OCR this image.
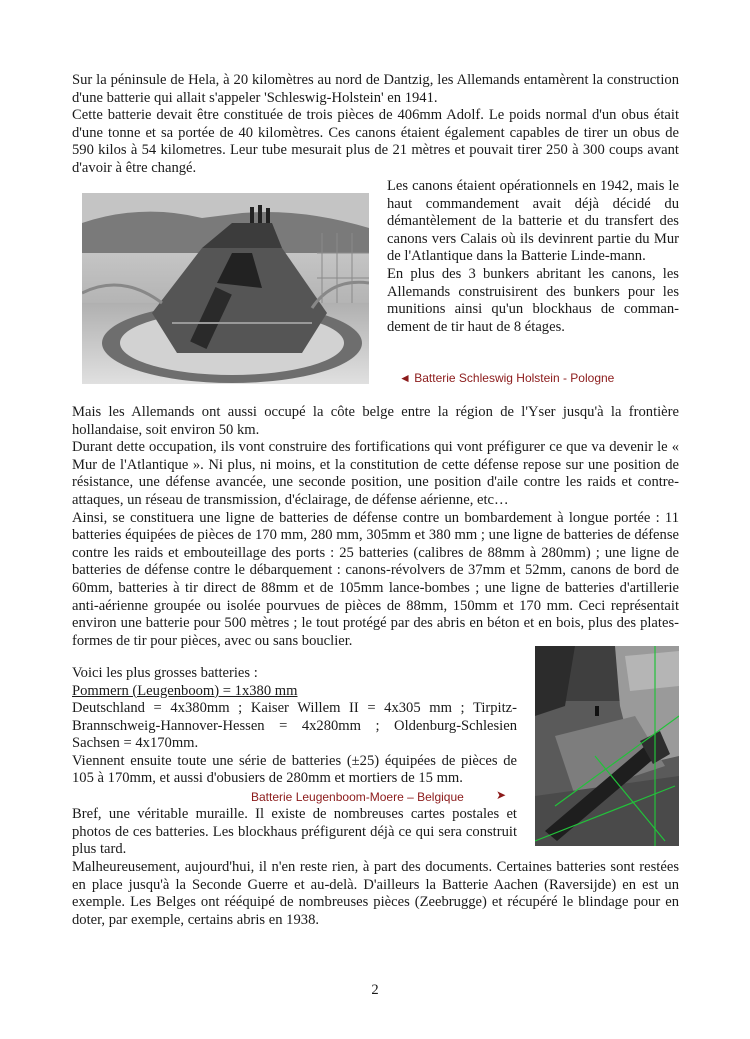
Sur la péninsule de Hela, à 20 kilomètres au nord de Dantzig, les Allemands entamèrent la construction d'une batterie qui allait s'appeler 'Schleswig-Holstein' en 1941.

Cette batterie devait être constituée de trois pièces de 406mm Adolf. Le poids normal d'un obus était d'une tonne et sa portée de 40 kilomètres. Ces canons étaient également capables de tirer un obus de 590 kilos à 54 kilometres. Leur tube mesurait plus de 21 mètres et pouvait tirer 250 à 300 coups avant d'avoir à être changé.

Les canons étaient opérationnels en 1942, mais le haut commandement avait déjà décidé du démantèlement de la batterie et du transfert des canons vers Calais où ils devinrent partie du Mur de l'Atlantique dans la Batterie Linde-mann.

En plus des 3 bunkers abritant les canons, les Allemands construisirent des bunkers pour les munitions ainsi qu'un blockhaus de comman-dement de tir haut de 8 étages.

◄ Batterie Schleswig Holstein - Pologne

Mais les Allemands ont aussi occupé la côte belge entre la région de l'Yser jusqu'à la frontière hollandaise, soit environ 50 km.

Durant dette occupation, ils vont construire des fortifications qui vont préfigurer ce que va devenir le « Mur de l'Atlantique ». Ni plus, ni moins, et la constitution de cette défense repose sur une position de résistance, une défense avancée, une seconde position, une position d'aile contre les raids et contre-attaques, un réseau de transmission, d'éclairage, de défense aérienne, etc…

Ainsi, se constituera une ligne de batteries de défense contre un bombardement à longue portée : 11 batteries équipées de pièces de 170 mm, 280 mm, 305mm et 380 mm ; une ligne de batteries de défense contre les raids et embouteillage des ports : 25 batteries (calibres de 88mm à 280mm) ; une ligne de batteries de défense contre le débarquement : canons-révolvers de 37mm et 52mm, canons de bord de 60mm, batteries à tir direct de 88mm et de 105mm lance-bombes ; une ligne de batteries d'artillerie anti-aérienne groupée ou isolée pourvues de pièces de 88mm, 150mm et 170 mm. Ceci représentait environ une batterie pour 500 mètres ; le tout protégé par des abris en béton et en bois, plus des plates-formes de tir pour pièces, avec ou sans bouclier.

Voici les plus grosses batteries :

Pommern (Leugenboom) = 1x380 mm

Deutschland = 4x380mm ; Kaiser Willem II = 4x305 mm ; Tirpitz-Brannschweig-Hannover-Hessen = 4x280mm ; Oldenburg-Schlesien Sachsen = 4x170mm.

Viennent ensuite toute une série de batteries (±25) équipées de pièces de 105 à 170mm, et aussi d'obusiers de 280mm et mortiers de 15 mm.

Batterie Leugenboom-Moere – Belgique	➤

Bref, une véritable muraille. Il existe de nombreuses cartes postales et photos de ces batteries. Les blockhaus préfigurent déjà ce qui sera construit plus tard.

Malheureusement, aujourd'hui, il n'en reste rien, à part des documents. Certaines batteries sont restées en place jusqu'à la Seconde Guerre et au-delà. D'ailleurs la Batterie Aachen (Raversijde) en est un exemple. Les Belges ont rééquipé de nombreuses pièces (Zeebrugge) et récupéré le blindage pour en doter, par exemple, certains abris en 1938.

2
